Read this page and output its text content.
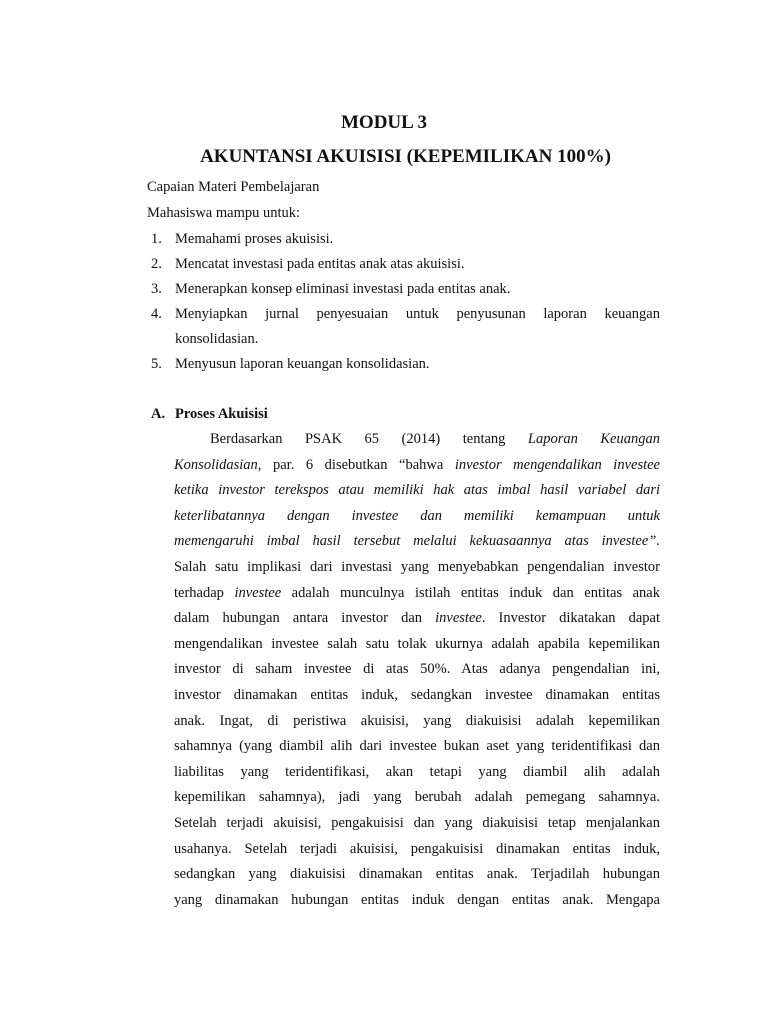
MODUL 3
AKUNTANSI AKUISISI (KEPEMILIKAN 100%)

Capaian Materi Pembelajaran

Mahasiswa mampu untuk:

1. Memahami proses akuisisi.
2. Mencatat investasi pada entitas anak atas akuisisi.
3. Menerapkan konsep eliminasi investasi pada entitas anak.
4. Menyiapkan jurnal penyesuaian untuk penyusunan laporan keuangan
konsolidasian.
5. Menyusun laporan keuangan konsolidasian.
A. Proses Akuisisi
Berdasarkan PSAK 65 (2014) tentang Laporan Keuangan
Konsolidasian, par. 6 disebutkan “bahwa investor mengendalikan investee
ketika investor terekspos atau memiliki hak atas imbal hasil variabel dari
keterlibatannya dengan investee dan memiliki kemampuan untuk
memengaruhi imbal hasil tersebut melalui kekuasaannya atas investee”.
Salah satu implikasi dari investasi yang menyebabkan pengendalian investor
terhadap investee adalah munculnya istilah entitas induk dan entitas anak
dalam hubungan antara investor dan investee. Investor dikatakan dapat
mengendalikan investee salah satu tolak ukurnya adalah apabila kepemilikan
investor di saham investee di atas 50%. Atas adanya pengendalian ini,
investor dinamakan entitas induk, sedangkan investee dinamakan entitas
anak. Ingat, di peristiwa akuisisi, yang diakuisisi adalah kepemilikan
sahamnya (yang diambil alih dari investee bukan aset yang teridentifikasi dan
liabilitas yang teridentifikasi, akan tetapi yang diambil alih adalah
kepemilikan sahamnya), jadi yang berubah adalah pemegang sahamnya.
Setelah terjadi akuisisi, pengakuisisi dan yang diakuisisi tetap menjalankan
usahanya. Setelah terjadi akuisisi, pengakuisisi dinamakan entitas induk,
sedangkan yang diakuisisi dinamakan entitas anak. Terjadilah hubungan
yang dinamakan hubungan entitas induk dengan entitas anak. Mengapa
